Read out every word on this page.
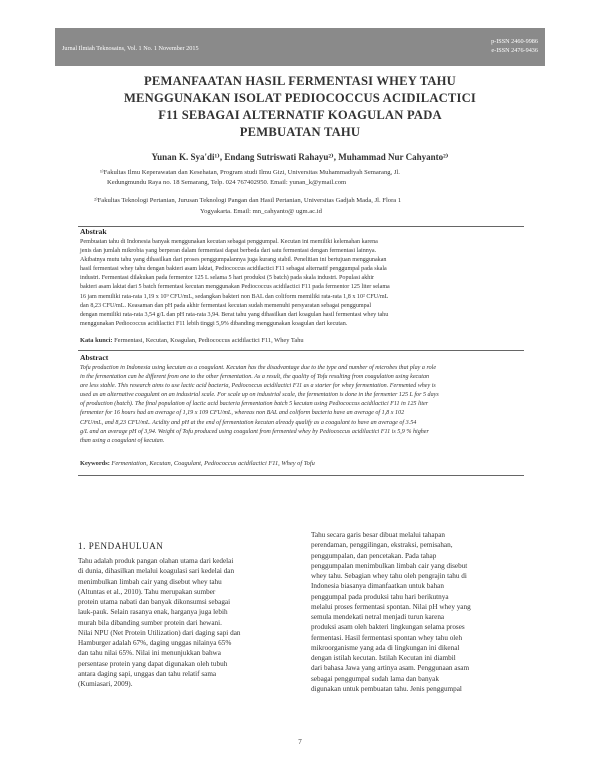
Jurnal Ilmiah Teknosains, Vol. 1 No. 1 November 2015
p-ISSN 2460-9986
e-ISSN 2476-9436
PEMANFAATAN HASIL FERMENTASI WHEY TAHU
MENGGUNAKAN ISOLAT PEDIOCOCCUS ACIDILACTICI
F11 SEBAGAI ALTERNATIF KOAGULAN PADA
PEMBUATAN TAHU
Yunan K. Sya'di¹⁾, Endang Sutriswati Rahayu²⁾, Muhammad Nur Cahyanto²⁾
¹⁾Fakultas Ilmu Keperawatan dan Kesehatan, Program studi Ilmu Gizi, Universitas Muhammadiyah Semarang, Jl.
Kedungmundu Raya no. 18 Semarang, Telp. 024 767402950. Email: yunan_k@ymail.com
²⁾Fakultas Teknologi Pertanian, Jurusan Teknologi Pangan dan Hasil Pertanian, Universitas Gadjah Mada, Jl. Flora 1
Yogyakarta. Email: mn_cahyanto@ ugm.ac.id
Abstrak
Pembuatan tahu di Indonesia banyak menggunakan kecutan sebagai penggumpal. Kecutan ini memiliki kelemahan karena
jenis dan jumlah mikrobia yang berperan dalam fermentasi dapat berbeda dari satu fermentasi dengan fermentasi lainnya.
Akibatnya mutu tahu yang dihasilkan dari proses penggumpalannya juga kurang stabil. Penelitian ini bertujuan menggunakan
hasil fermentasi whey tahu dengan bakteri asam laktat, Pediococcus acidilactici F11 sebagai alternatif penggumpal pada skala
industri. Fermentasi dilakukan pada fermentor 125 L selama 5 hari produksi (5 batch) pada skala industri. Populasi akhir
bakteri asam laktat dari 5 batch fermentasi kecutan menggunakan Pediococcus acidilactici F11 pada fermentor 125 liter selama
16 jam memiliki rata-rata 1,19 x 10⁹ CFU/mL, sedangkan bakteri non BAL dan coliform memiliki rata-rata 1,8 x 10² CFU/mL
dan 8,23 CFU/mL. Keasaman dan pH pada akhir fermentasi kecutan sudah memenuhi persyaratan sebagai penggumpal
dengan memiliki rata-rata 3,54 g/L dan pH rata-rata 3,94. Berat tahu yang dihasilkan dari koagulan hasil fermentasi whey tahu
menggunakan Pediococcus acidilactici F11 lebih tinggi 5,9% dibanding menggunakan koagulan dari kecutan.
Kata kunci: Fermentasi, Kecutan, Koagulan, Pediococcus acidilactici F11, Whey Tahu
Abstract
Tofu production in Indonesia using kecutan as a coagulant. Kecutan has the disadvantage due to the type and number of microbes that play a role
in the fermentation can be different from one to the other fermentation. As a result, the quality of Tofu resulting from coagulation using kecutan
are less stable. This research aims to use lactic acid bacteria, Pediococcus acidilactici F11 as a starter for whey fermentation. Fermented whey is
used as an alternative coagulant on an industrial scale. For scale up on industrial scale, the fermentation is done in the fermenter 125 L for 5 days
of production (batch). The final population of lactic acid bacteria fermentation batch 5 kecutan using Pediococcus acidilactici F11 in 125 liter
fermenter for 16 hours had an average of 1,19 x 109 CFU/mL, whereas non BAL and coliform bacteria have an average of 1,8 x 102
CFU/mL, and 8,23 CFU/mL. Acidity and pH at the end of fermentation kecutan already qualify as a coagulant to have an average of 3.54
g/L and an average pH of 3,94. Weight of Tofu produced using coagulant from fermented whey by Pediococcus acidilactici F11 is 5,9 % higher
than using a coagulant of kecutan.
Keywords: Fermentation, Kecutan, Coagulant, Pediococcus acidilactici F11, Whey of Tofu
1. PENDAHULUAN
Tahu adalah produk pangan olahan utama dari kedelai
di dunia, dihasilkan melalui koagulasi sari kedelai dan
menimbulkan limbah cair yang disebut whey tahu
(Altuntas et al., 2010). Tahu merupakan sumber
protein utama nabati dan banyak dikonsumsi sebagai
lauk-pauk. Selain rasanya enak, harganya juga lebih
murah bila dibanding sumber protein dari hewani.
Nilai NPU (Net Protein Utilization) dari daging sapi dan
Hamburger adalah 67%, daging unggas nilainya 65%
dan tahu nilai 65%. Nilai ini menunjukkan bahwa
persentase protein yang dapat digunakan oleh tubuh
antara daging sapi, unggas dan tahu relatif sama
(Kumiasari, 2009).
Tahu secara garis besar dibuat melalui tahapan
perendaman, penggilingan, ekstraksi, pemisahan,
penggumpalan, dan pencetakan. Pada tahap
penggumpalan menimbulkan limbah cair yang disebut
whey tahu. Sebagian whey tahu oleh pengrajin tahu di
Indonesia biasanya dimanfaatkan untuk bahan
penggumpal pada produksi tahu hari berikutnya
melalui proses fermentasi spontan. Nilai pH whey yang
semula mendekati netral menjadi turun karena
produksi asam oleh bakteri lingkungan selama proses
fermentasi. Hasil fermentasi spontan whey tahu oleh
mikroorganisme yang ada di lingkungan ini dikenal
dengan istilah kecutan. Istilah Kecutan ini diambil
dari bahasa Jawa yang artinya asam. Penggunaan asam
sebagai penggumpal sudah lama dan banyak
digunakan untuk pembuatan tahu. Jenis penggumpal
7
